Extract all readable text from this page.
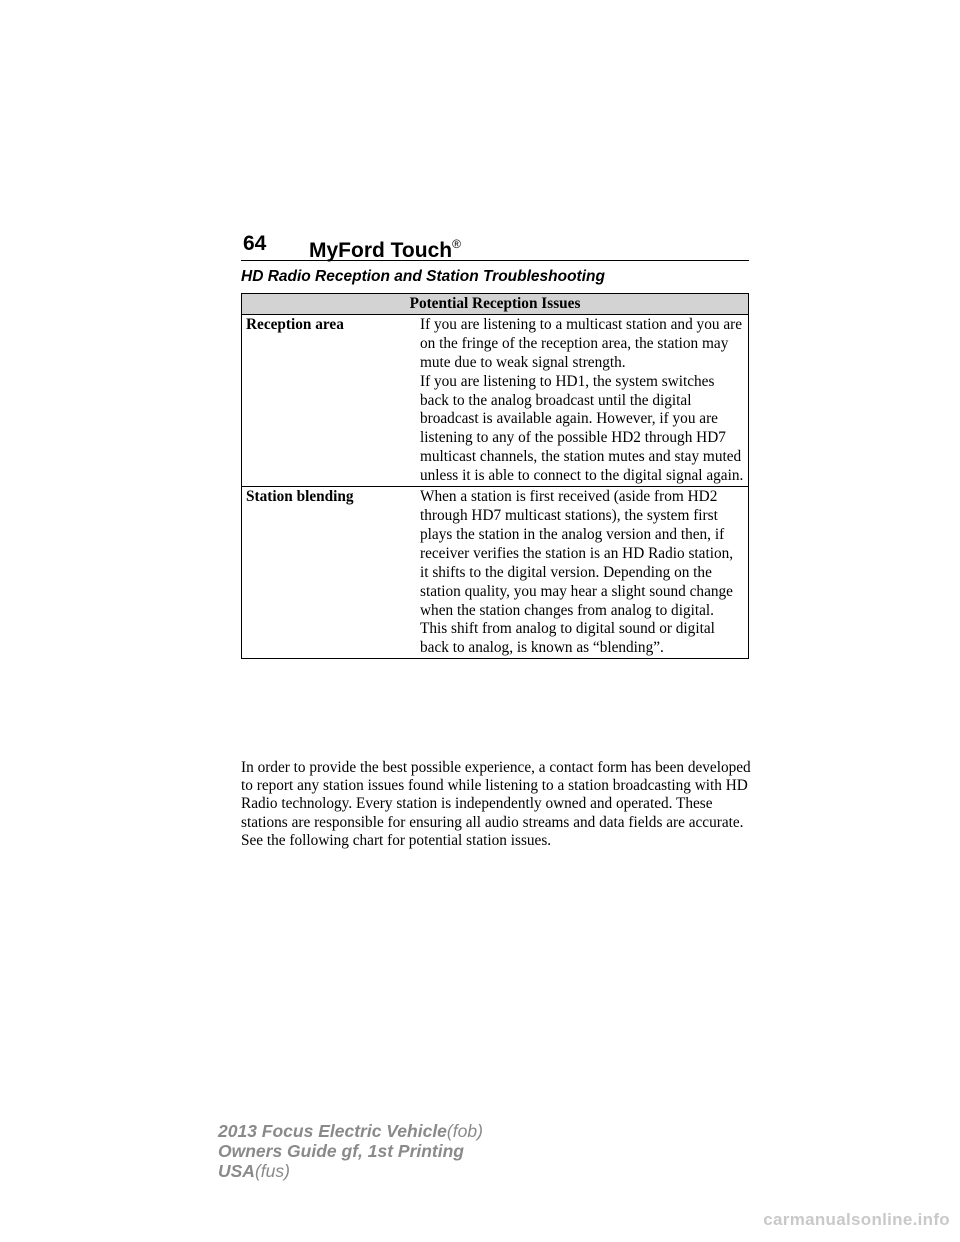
64 MyFord Touch®
HD Radio Reception and Station Troubleshooting
Potential Reception Issues	
Reception area	If you are listening to a multicast station and you are on the fringe of the reception area, the station may mute due to weak signal strength.

If you are listening to HD1, the system switches back to the analog broadcast until the digital broadcast is available again. However, if you are listening to any of the possible HD2 through HD7 multicast channels, the station mutes and stay muted unless it is able to connect to the digital signal again.

Station blending	When a station is first received (aside from HD2 through HD7 multicast stations), the system first plays the station in the analog version and then, if receiver verifies the station is an HD Radio station, it shifts to the digital version. Depending on the station quality, you may hear a slight sound change when the station changes from analog to digital. This shift from analog to digital sound or digital back to analog, is known as “blending”.

In order to provide the best possible experience, a contact form has been developed to report any station issues found while listening to a station broadcasting with HD Radio technology. Every station is independently owned and operated. These stations are responsible for ensuring all audio streams and data fields are accurate. See the following chart for potential station issues.

2013 Focus Electric Vehicle(fob)
Owners Guide gf, 1st Printing
USA(fus)
carmanualsonline.info
